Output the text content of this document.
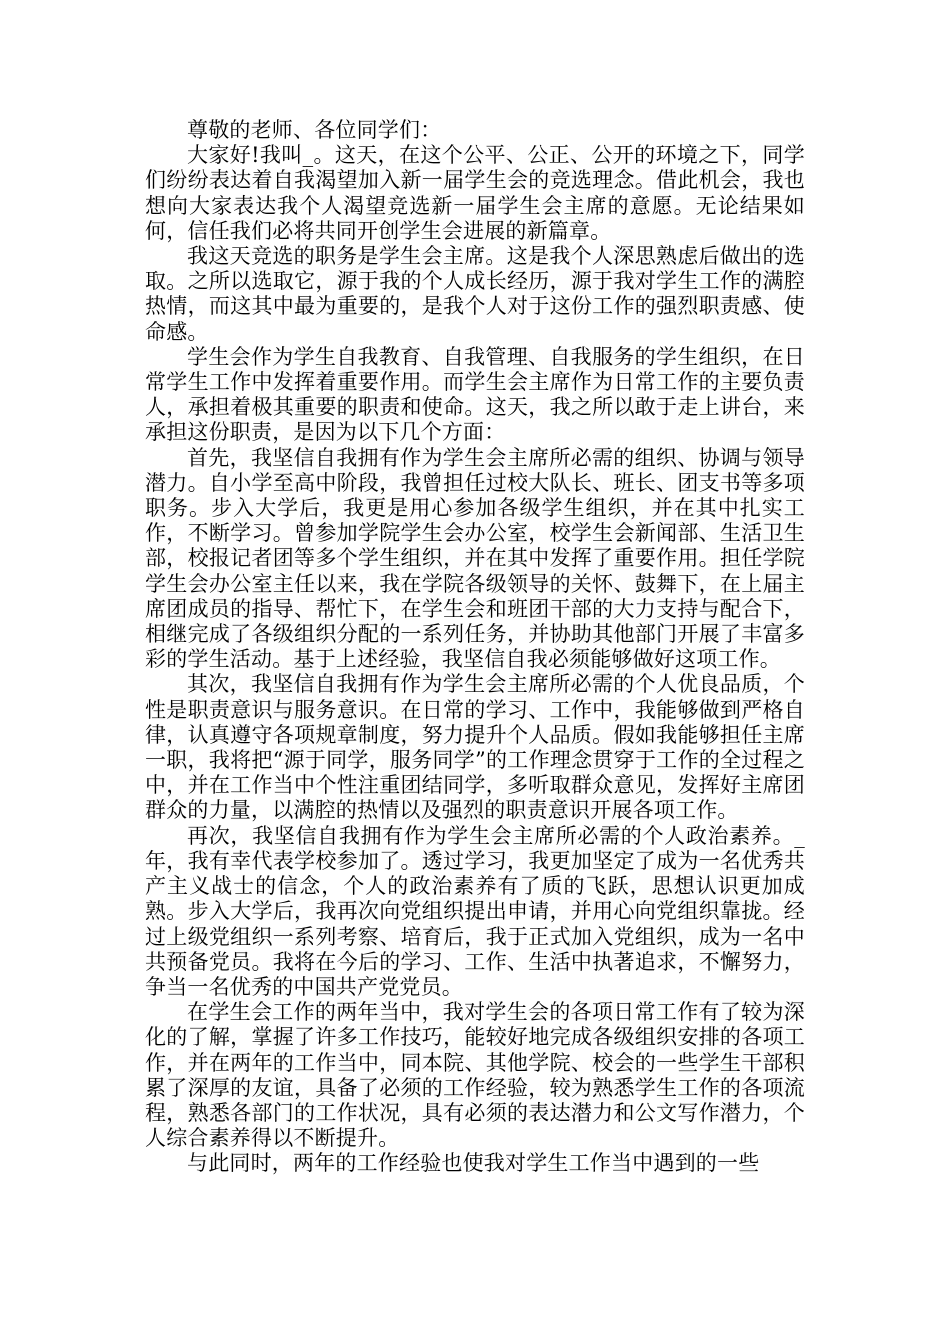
尊敬的老师、各位同学们：

大家好!我叫_。这天，在这个公平、公正、公开的环境之下，同学们纷纷表达着自我渴望加入新一届学生会的竞选理念。借此机会，我也想向大家表达我个人渴望竞选新一届学生会主席的意愿。无论结果如何，信任我们必将共同开创学生会进展的新篇章。

我这天竞选的职务是学生会主席。这是我个人深思熟虑后做出的选取。之所以选取它，源于我的个人成长经历，源于我对学生工作的满腔热情，而这其中最为重要的，是我个人对于这份工作的强烈职责感、使命感。

学生会作为学生自我教育、自我管理、自我服务的学生组织，在日常学生工作中发挥着重要作用。而学生会主席作为日常工作的主要负责人，承担着极其重要的职责和使命。这天，我之所以敢于走上讲台，来承担这份职责，是因为以下几个方面：

首先，我坚信自我拥有作为学生会主席所必需的组织、协调与领导潜力。自小学至高中阶段，我曾担任过校大队长、班长、团支书等多项职务。步入大学后，我更是用心参加各级学生组织，并在其中扎实工作，不断学习。曾参加学院学生会办公室，校学生会新闻部、生活卫生部，校报记者团等多个学生组织，并在其中发挥了重要作用。担任学院学生会办公室主任以来，我在学院各级领导的关怀、鼓舞下，在上届主席团成员的指导、帮忙下，在学生会和班团干部的大力支持与配合下，相继完成了各级组织分配的一系列任务，并协助其他部门开展了丰富多彩的学生活动。基于上述经验，我坚信自我必须能够做好这项工作。

其次，我坚信自我拥有作为学生会主席所必需的个人优良品质，个性是职责意识与服务意识。在日常的学习、工作中，我能够做到严格自律，认真遵守各项规章制度，努力提升个人品质。假如我能够担任主席一职，我将把“源于同学，服务同学”的工作理念贯穿于工作的全过程之中，并在工作当中个性注重团结同学，多听取群众意见，发挥好主席团群众的力量，以满腔的热情以及强烈的职责意识开展各项工作。

再次，我坚信自我拥有作为学生会主席所必需的个人政治素养。_年，我有幸代表学校参加了。透过学习，我更加坚定了成为一名优秀共产主义战士的信念，个人的政治素养有了质的飞跃，思想认识更加成熟。步入大学后，我再次向党组织提出申请，并用心向党组织靠拢。经过上级党组织一系列考察、培育后，我于正式加入党组织，成为一名中共预备党员。我将在今后的学习、工作、生活中执著追求，不懈努力，争当一名优秀的中国共产党党员。

在学生会工作的两年当中，我对学生会的各项日常工作有了较为深化的了解，掌握了许多工作技巧，能较好地完成各级组织安排的各项工作，并在两年的工作当中，同本院、其他学院、校会的一些学生干部积累了深厚的友谊，具备了必须的工作经验，较为熟悉学生工作的各项流程，熟悉各部门的工作状况，具有必须的表达潜力和公文写作潜力，个人综合素养得以不断提升。

与此同时，两年的工作经验也使我对学生工作当中遇到的一些
